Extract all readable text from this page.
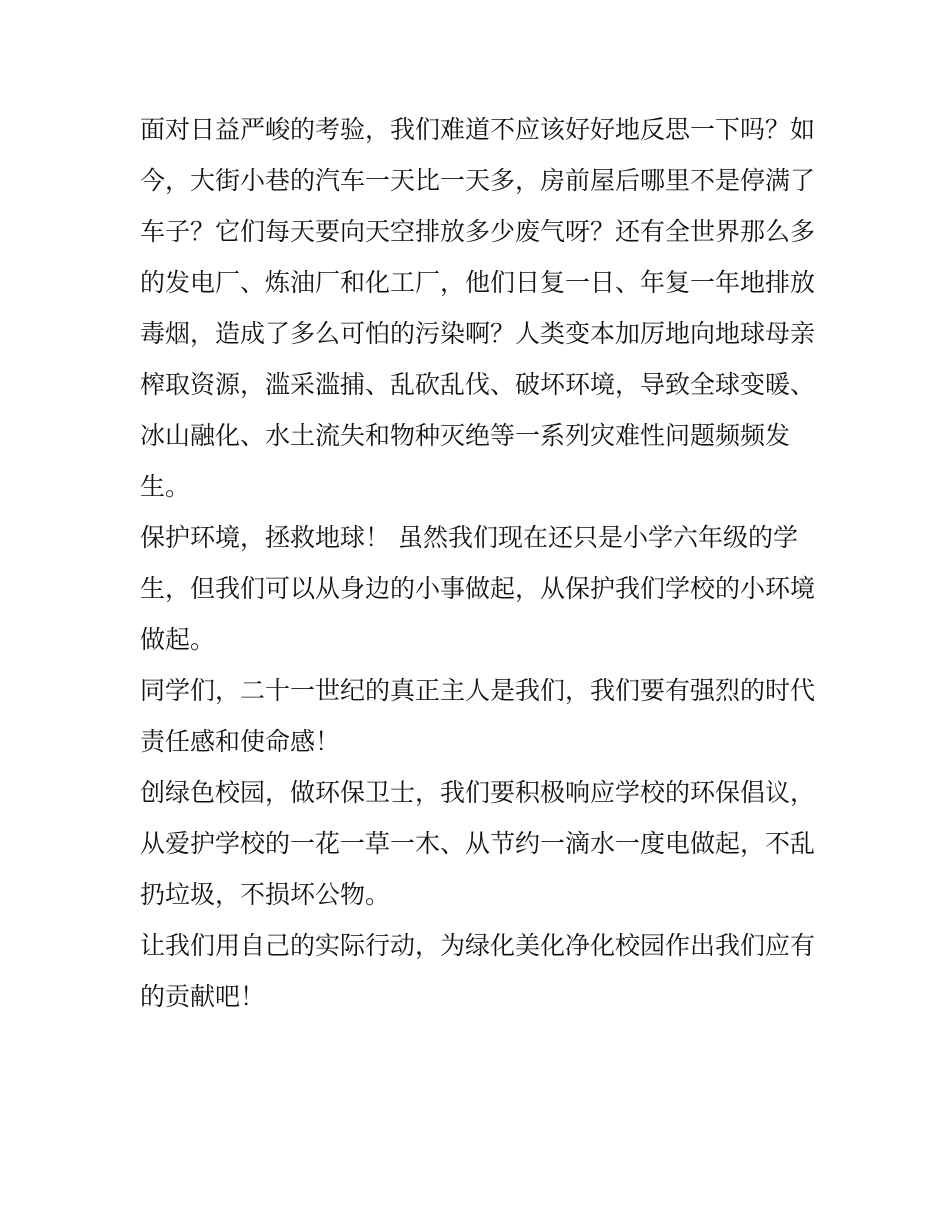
面对日益严峻的考验，我们难道不应该好好地反思一下吗？如
今，大街小巷的汽车一天比一天多，房前屋后哪里不是停满了
车子？它们每天要向天空排放多少废气呀？还有全世界那么多
的发电厂、炼油厂和化工厂，他们日复一日、年复一年地排放
毒烟，造成了多么可怕的污染啊？人类变本加厉地向地球母亲
榨取资源，滥采滥捕、乱砍乱伐、破坏环境，导致全球变暖、
冰山融化、水土流失和物种灭绝等一系列灾难性问题频频发
生。
保护环境，拯救地球！ 虽然我们现在还只是小学六年级的学
生，但我们可以从身边的小事做起，从保护我们学校的小环境
做起。
同学们，二十一世纪的真正主人是我们，我们要有强烈的时代
责任感和使命感！
创绿色校园，做环保卫士，我们要积极响应学校的环保倡议，
从爱护学校的一花一草一木、从节约一滴水一度电做起，不乱
扔垃圾，不损坏公物。
让我们用自己的实际行动，为绿化美化净化校园作出我们应有
的贡献吧！
